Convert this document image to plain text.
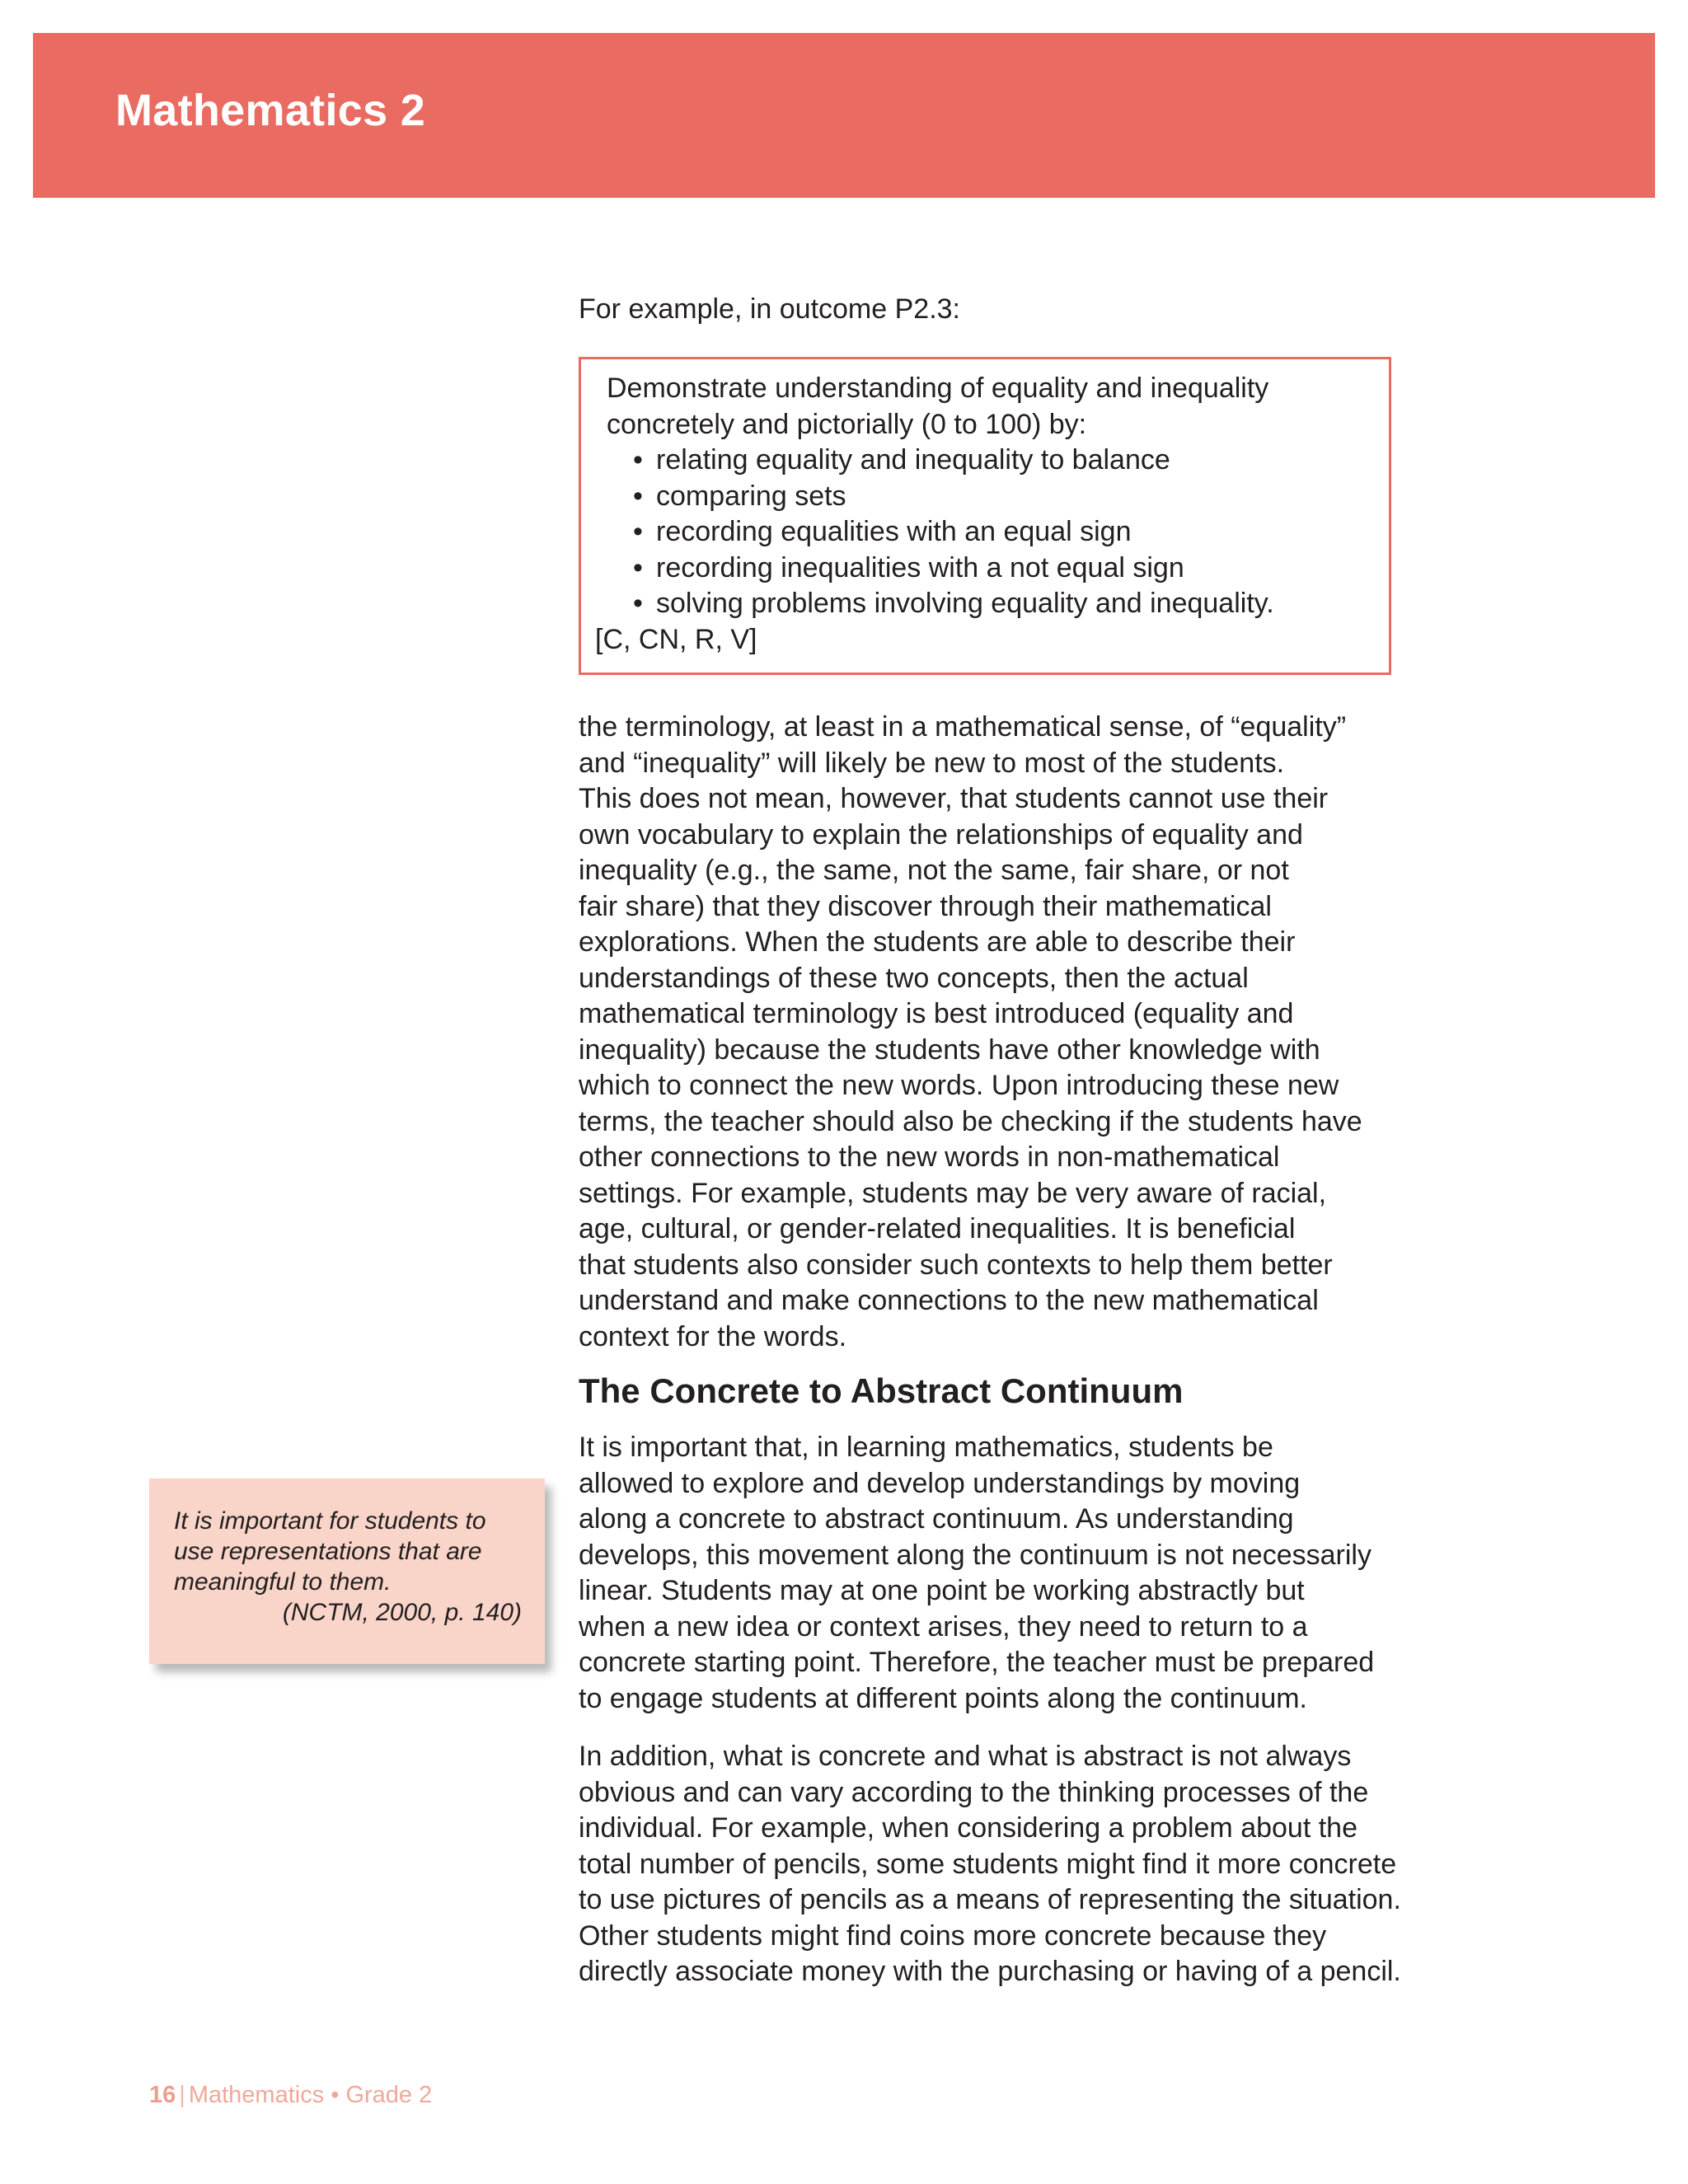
Mathematics 2
For example, in outcome P2.3:
Demonstrate understanding of equality and inequality
concretely and pictorially (0 to 100) by:
• relating equality and inequality to balance
• comparing sets
• recording equalities with an equal sign
• recording inequalities with a not equal sign
• solving problems involving equality and inequality.
[C, CN, R, V]
the terminology, at least in a mathematical sense, of “equality”
and “inequality” will likely be new to most of the students.
This does not mean, however, that students cannot use their
own vocabulary to explain the relationships of equality and
inequality (e.g., the same, not the same, fair share, or not
fair share) that they discover through their mathematical
explorations. When the students are able to describe their
understandings of these two concepts, then the actual
mathematical terminology is best introduced (equality and
inequality) because the students have other knowledge with
which to connect the new words. Upon introducing these new
terms, the teacher should also be checking if the students have
other connections to the new words in non-mathematical
settings. For example, students may be very aware of racial,
age, cultural, or gender-related inequalities. It is beneficial
that students also consider such contexts to help them better
understand and make connections to the new mathematical
context for the words.
The Concrete to Abstract Continuum
It is important that, in learning mathematics, students be
allowed to explore and develop understandings by moving
along a concrete to abstract continuum. As understanding
develops, this movement along the continuum is not necessarily
linear. Students may at one point be working abstractly but
when a new idea or context arises, they need to return to a
concrete starting point. Therefore, the teacher must be prepared
to engage students at different points along the continuum.
In addition, what is concrete and what is abstract is not always
obvious and can vary according to the thinking processes of the
individual. For example, when considering a problem about the
total number of pencils, some students might find it more concrete
to use pictures of pencils as a means of representing the situation.
Other students might find coins more concrete because they
directly associate money with the purchasing or having of a pencil.
It is important for students to
use representations that are
meaningful to them.
(NCTM, 2000, p. 140)
16 | Mathematics • Grade 2
